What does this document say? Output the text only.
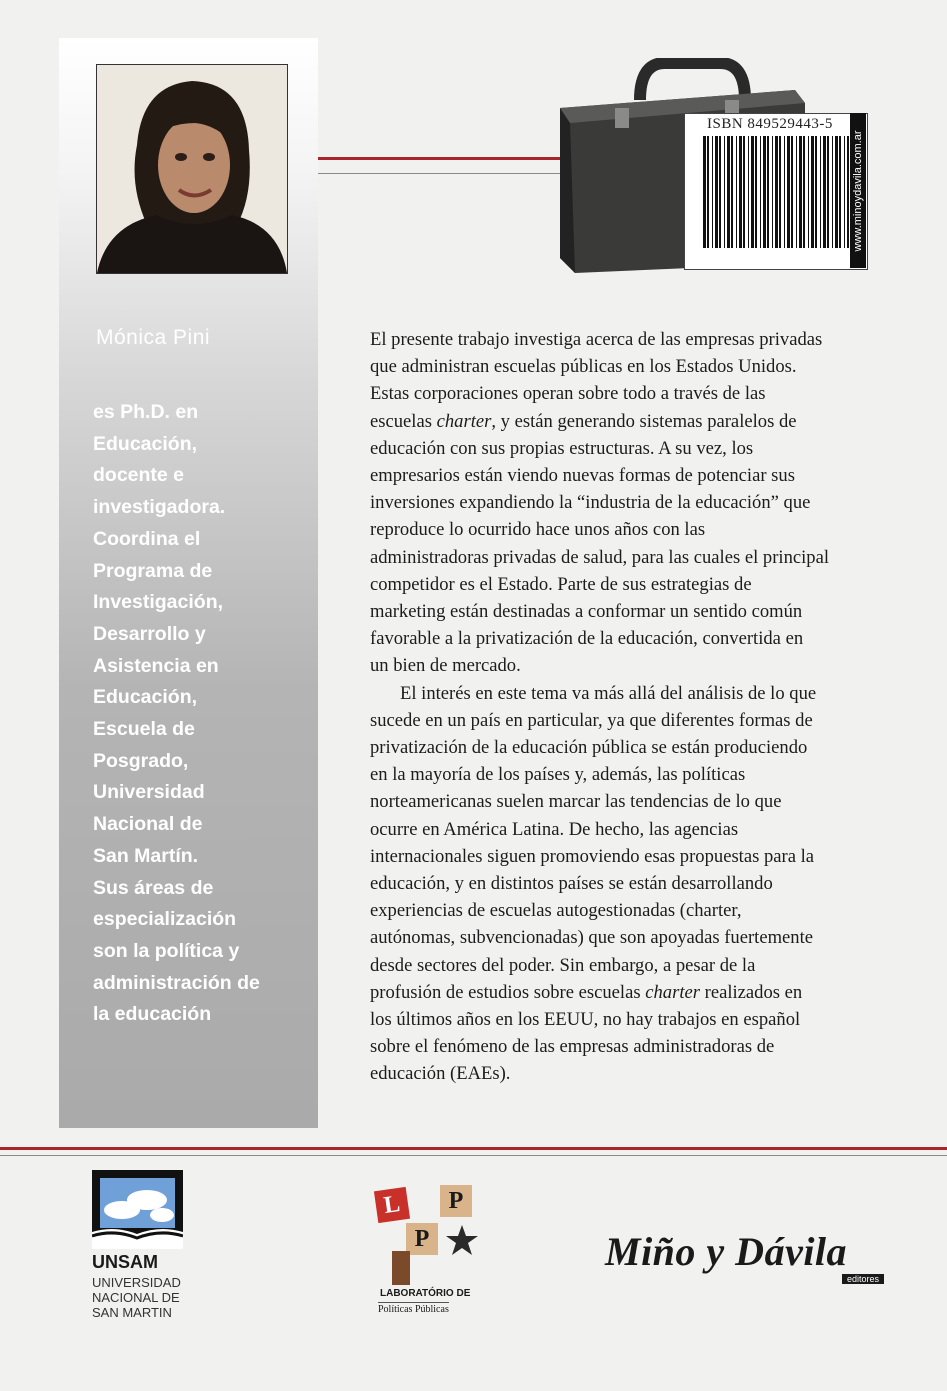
Mónica Pini
es Ph.D. en
Educación,
docente e
investigadora.
Coordina el
Programa de
Investigación,
Desarrollo y
Asistencia en
Educación,
Escuela de
Posgrado,
Universidad
Nacional de
San Martín.
Sus áreas de
especialización
son la política y
administración de
la educación
ISBN 849529443-5
www.minoydavila.com.ar
El presente trabajo investiga acerca de las empresas privadas
que administran escuelas públicas en los Estados Unidos.
Estas corporaciones operan sobre todo a través de las
escuelas charter, y están generando sistemas paralelos de
educación con sus propias estructuras. A su vez, los
empresarios están viendo nuevas formas de potenciar sus
inversiones expandiendo la “industria de la educación” que
reproduce lo ocurrido hace unos años con las
administradoras privadas de salud, para las cuales el principal
competidor es el Estado. Parte de sus estrategias de
marketing están destinadas a conformar un sentido común
favorable a la privatización de la educación, convertida en
un bien de mercado.
El interés en este tema va más allá del análisis de lo que
sucede en un país en particular, ya que diferentes formas de
privatización de la educación pública se están produciendo
en la mayoría de los países y, además, las políticas
norteamericanas suelen marcar las tendencias de lo que
ocurre en América Latina. De hecho, las agencias
internacionales siguen promoviendo esas propuestas para la
educación, y en distintos países se están desarrollando
experiencias de escuelas autogestionadas (charter,
autónomas, subvencionadas) que son apoyadas fuertemente
desde sectores del poder. Sin embargo, a pesar de la
profusión de estudios sobre escuelas charter realizados en
los últimos años en los EEUU, no hay trabajos en español
sobre el fenómeno de las empresas administradoras de
educación (EAEs).
UNSAM
UNIVERSIDAD
NACIONAL DE
SAN MARTIN
L	P
P
LABORATÓRIO DE
Políticas Públicas
Miño y Dávila
editores
